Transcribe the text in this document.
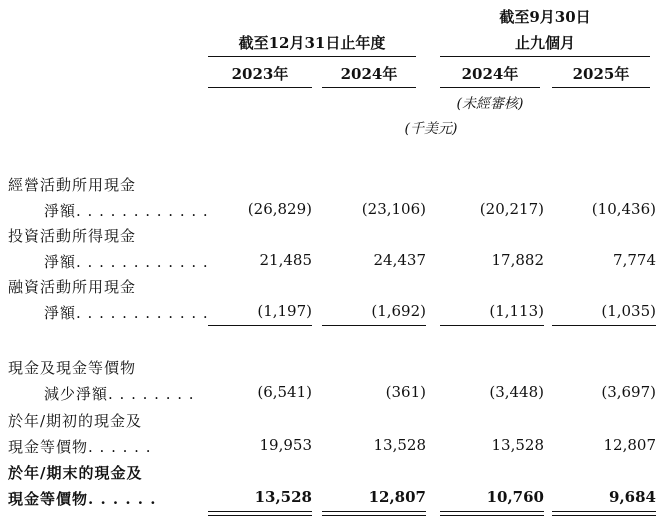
截至9月30日
截至12月31日止年度	止九個月
2023年	2024年	2024年	2025年
(未經審核)
(千美元)
經營活動所用現金
淨額. . . . . . . . . . . .	(26,829)	(23,106)	(20,217)	(10,436)
投資活動所得現金
淨額. . . . . . . . . . . .	21,485	24,437	17,882	7,774
融資活動所用現金
淨額. . . . . . . . . . . .	(1,197)	(1,692)	(1,113)	(1,035)
現金及現金等價物
減少淨額. . . . . . . .	(6,541)	(361)	(3,448)	(3,697)
於年/期初的現金及
現金等價物. . . . . .	19,953	13,528	13,528	12,807
於年/期末的現金及
現金等價物. . . . . .	13,528	12,807	10,760	9,684
